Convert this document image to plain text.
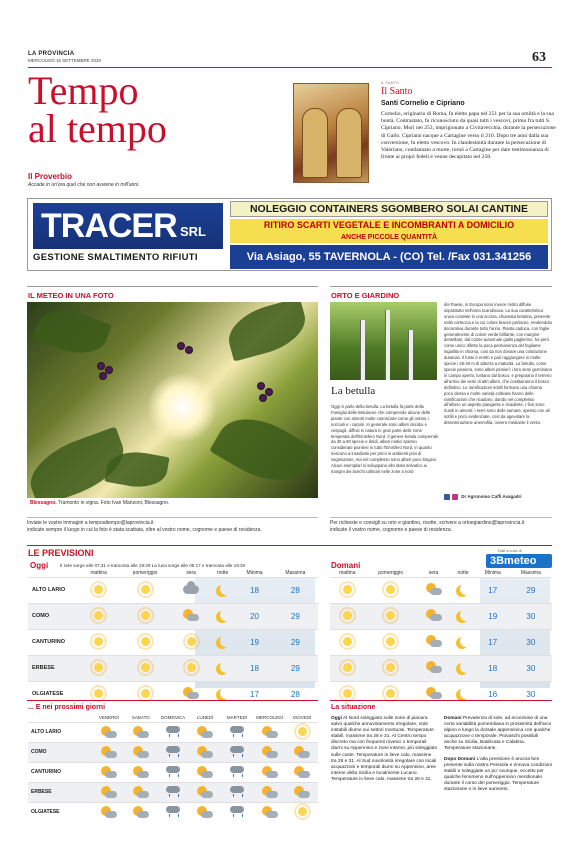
LA PROVINCIA
MERCOLEDÌ 16 SETTEMBRE 2020	63
Tempo
al tempo
Il Proverbio
Accade in un'ora quel che non avviene in mill'anni.
IL SANTO
Il Santo
Santi Cornelio e Cipriano
Cornelio, originario di Roma, fu eletto papa nel 251 per la sua umiltà e la sua bontà. Contrastato, fu riconosciuto da quasi tutti i vescovi, primo fra tutti S. Cipriano. Morì nel 253, imprigionato a Civitavecchia, durante la persecuzione di Gallo. Cipriano nacque a Cartagine verso il 210. Dopo tre anni dalla sua conversione, fu eletto vescovo. In clandestinità durante la persecuzione di Valeriano, condannato a morte, tornò a Cartagine per dare testimonianza di fronte ai propri fedeli e venne decapitato nel 258.
TRACER SRL
GESTIONE SMALTIMENTO RIFIUTI
NOLEGGIO CONTAINERS SGOMBERO SOLAI CANTINE
RITIRO SCARTI VEGETALE E INCOMBRANTI A DOMICILIO
ANCHE PICCOLE QUANTITÀ
Via Asiago, 55 TAVERNOLA - (CO) Tel. /Fax 031.341256
IL METEO IN UNA FOTO
Blessagno. Tramonto in vigna. Foto Ivan Manzoni, Blessagno.
Inviate le vostre immagini a tempoaltempo@laprovincia.it
indicate sempre il luogo in cui la foto è stata scattata, oltre al vostro nome, cognome e paese di residenza.
ORTO E GIARDINO
La betulla
Oggi vi parlo della betulla. La betulla fa parte della Famiglia delle Betulacee che comprende alcune delle piante con amenti molto conosciute come gli ontani, i noccioli e i carpini. In generale sono alberi decidui e cespugli, diffusi in natura in gran parte delle zone temperate dell'Emisfero Nord. Il genere betula comprende da 30 a 60 specie e ibridi, alberi rustici spesso considerate pioniere in tutto l'Emisfero Nord, in quanto riescono a insediarsi per primi in ambienti privi di vegetazione, ma nel complesso sono alberi poco longevi. Alcuni esemplari si sviluppano allo stato selvatico ai margini dei boschi collinari nelle zone a nord
del Paese, in Europa sono invece molto diffuse soprattutto nell'area scandinava. La sua caratteristica unica consiste in una scorza, chiamata betulina, presente nella corteccia e la cui colore bianco perlaceo, rendendola decorativa durante tutto l'anno. Pianta caduca, con foglie generalmente di colore verde brillante, con margine dentellato, dal colore autunnale giallo paglierino, ha però come unico difetto la poca permanenza del fogliame ingiallito in chioma, cosi da non donare una colorazione duratura. Il fusto è eretto e può raggiungere in molte specie i 25-30 m di altezza a maturità. La betulla, come specie pioniera, sono alberi pionieri: i loro semi germinano in campo aperto, lontano dal bosco, e preparano il terreno all'arrivo dei semi di altri alberi, che costituiranno il bosco definitivo. Le ramificazioni sottili formano una chioma poco densa e molte varietà coltivate hanno delle ramificazioni che ricadono, dando nel complesso all'albero un aspetto piangente e ricadente. I fiori sono riuniti in amenti: i semi sono delle samare, spesso con ali sottili e poco evidenziate, così da agevolare la disseminazione anemofila, ovvero mediante il vento.
Dr Agronomo Caffi Avagadri
Per richieste e consigli su orto e giardino, ricette, scrivere a ortoegiardino@laprovincia.it
indicate il vostro nome, cognome e paese di residenza.
LE PREVISIONI	Dati a cura di
3Bmeteo
Oggi	Il sole sorge alle 07:31 e tramonta alle 19:29 La luna sorge alle 05:17 e tramonta alle 19:30	Domani
	mattina	pomeriggio	sera	notte	Minima	Massima
ALTO LARIO					18	28
COMO					20	29
CANTURINO					19	29
ERBESE					18	29
OLGIATESE					17	28
mattina	pomeriggio	sera	notte	Minima	Massima
				17	29
				19	30
				17	30
				18	30
				16	30
... E nei prossimi giorni
	VENERDÌ	SABATO	DOMENICA	LUNEDÌ	MARTEDÌ	MERCOLEDÌ	GIOVEDÌ
ALTO LARIO							
COMO							
CANTURINO							
ERBESE							
OLGIATESE							
La situazione
Oggi Al Nord soleggiato sulle zone di pianura salvo qualche annuvolamento irregolare, note instabili diurne sui settori montuosi. Temperature stabili, massime tra 28 e 31. Al Centro tempo discreto ma con frequenti rovesci o temporali diurni su Appennino e zone interne, più soleggiato sulle coste. Temperature in lieve calo, massime tra 28 e 31. Al Sud nuvolosità irregolare con locali acquazzoni e temporali diurni su Appennino, aree interne della Sicilia e localmente Lucano. Temperature in lieve calo, massime tra 28 e 31.
Domani Prevalenza di sole, ad eccezione di una certa variabilità pomeridiana in prossimità dell'arco alpino e lungo la dorsale appenninica con qualche acquazzone o temporale. Piovaschi possibili anche su Sicilia, Basilicata e Calabria. Temperature stazionarie.
Dopo Domani L'alta pressione è ancora ben presente sulla nostra Penisola e rinnova condizioni stabili e soleggiate un po' ovunque, eccetto per qualche fenomeno sull'Appennino meridionale durante il corso del pomeriggio. Temperature stazionarie o in lieve aumento.
